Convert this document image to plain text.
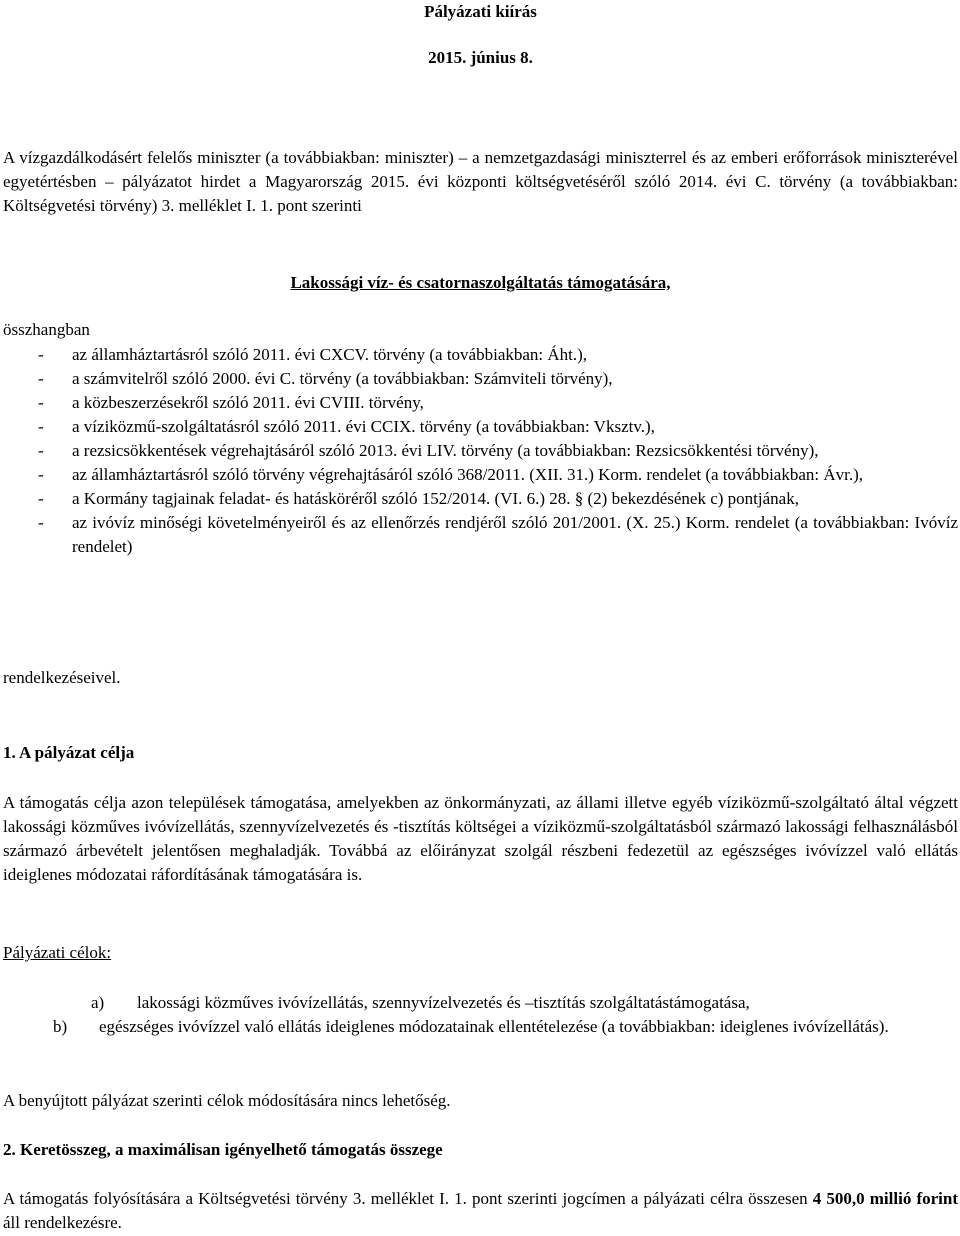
Pályázati kiírás
2015. június 8.

A vízgazdálkodásért felelős miniszter (a továbbiakban: miniszter) – a nemzetgazdasági miniszterrel és az emberi erőforrások miniszterével egyetértésben – pályázatot hirdet a Magyarország 2015. évi központi költségvetéséről szóló 2014. évi C. törvény (a továbbiakban: Költségvetési törvény) 3. melléklet I. 1. pont szerinti

Lakossági víz- és csatornaszolgáltatás támogatására,
összhangban
- az államháztartásról szóló 2011. évi CXCV. törvény (a továbbiakban: Áht.),
- a számvitelről szóló 2000. évi C. törvény (a továbbiakban: Számviteli törvény),
- a közbeszerzésekről szóló 2011. évi CVIII. törvény,
- a víziközmű-szolgáltatásról szóló 2011. évi CCIX. törvény (a továbbiakban: Vksztv.),
- a rezsicsökkentések végrehajtásáról szóló 2013. évi LIV. törvény (a továbbiakban: Rezsicsökkentési törvény),
- az államháztartásról szóló törvény végrehajtásáról szóló 368/2011. (XII. 31.) Korm. rendelet (a továbbiakban: Ávr.),
- a Kormány tagjainak feladat- és hatásköréről szóló 152/2014. (VI. 6.) 28. § (2) bekezdésének c) pontjának,
- az ivóvíz minőségi követelményeiről és az ellenőrzés rendjéről szóló 201/2001. (X. 25.) Korm. rendelet (a továbbiakban: Ivóvíz rendelet)
rendelkezéseivel.
1. A pályázat célja

A támogatás célja azon települések támogatása, amelyekben az önkormányzati, az állami illetve egyéb víziközmű-szolgáltató által végzett lakossági közműves ivóvízellátás, szennyvízelvezetés és -tisztítás költségei a víziközmű-szolgáltatásból származó lakossági felhasználásból származó árbevételt jelentősen meghaladják. Továbbá az előirányzat szolgál részbeni fedezetül az egészséges ivóvízzel való ellátás ideiglenes módozatai ráfordításának támogatására is.

Pályázati célok:
a) lakossági közműves ivóvízellátás, szennyvízelvezetés és –tisztítás szolgáltatástámogatása,
b) egészséges ivóvízzel való ellátás ideiglenes módozatainak ellentételezése (a továbbiakban: ideiglenes ivóvízellátás).
A benyújtott pályázat szerinti célok módosítására nincs lehetőség.
2. Keretösszeg, a maximálisan igényelhető támogatás összege

A támogatás folyósítására a Költségvetési törvény 3. melléklet I. 1. pont szerinti jogcímen a pályázati célra összesen 4 500,0 millió forint áll rendelkezésre.
